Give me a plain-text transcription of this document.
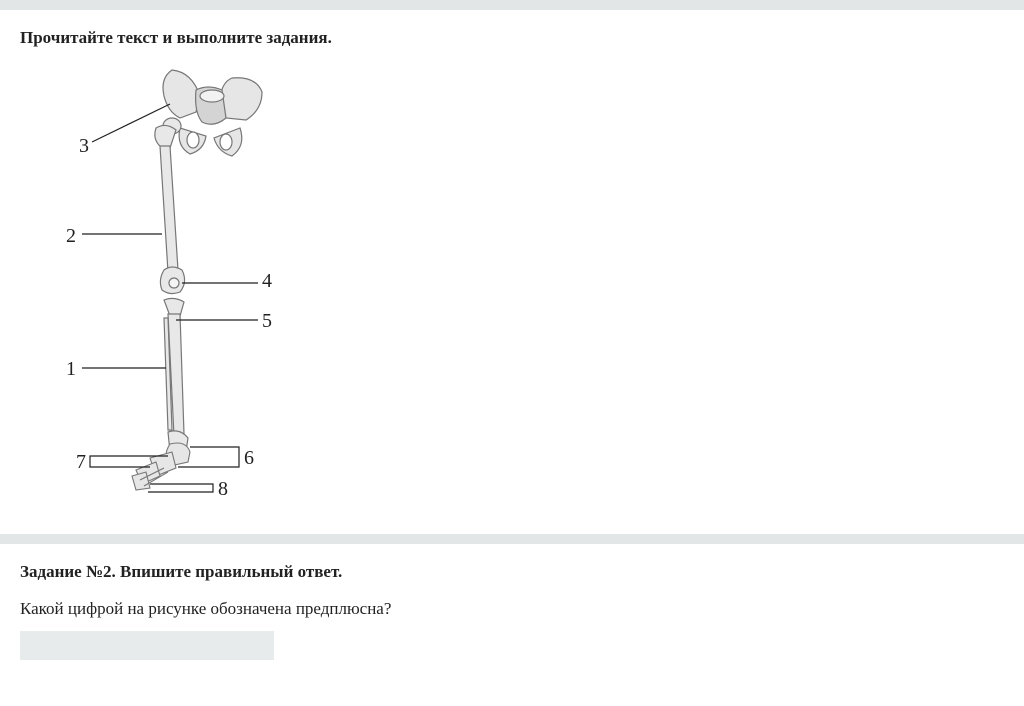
Прочитайте текст и выполните задания.

1
2
3
4
5
6
7
8

Задание №2. Впишите правильный ответ.

Какой цифрой на рисунке обозначена предплюсна?
